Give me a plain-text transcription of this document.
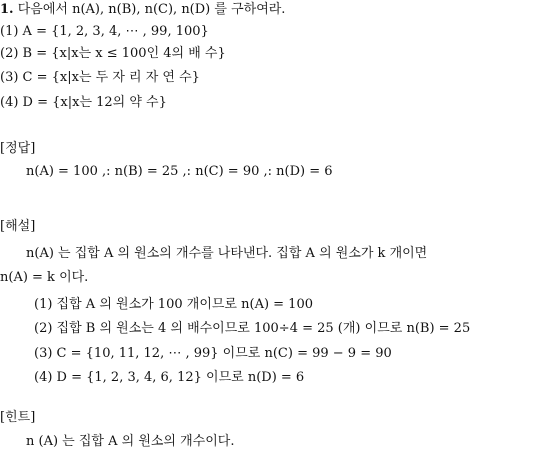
1. 다음에서 n(A), n(B), n(C), n(D) 를 구하여라.
(1) A = {1, 2, 3, 4, ⋯ , 99, 100}
(2) B = {x|x는 x ≤ 100인 4의 배 수}
(3) C = {x|x는 두 자 리 자 연 수}
(4) D = {x|x는 12의 약 수}
[정답]
n(A) = 100 ,: n(B) = 25 ,: n(C) = 90 ,: n(D) = 6
[해설]
n(A) 는 집합 A 의 원소의 개수를 나타낸다. 집합 A 의 원소가 k 개이면
n(A) = k 이다.
(1) 집합 A 의 원소가 100 개이므로 n(A) = 100
(2) 집합 B 의 원소는 4 의 배수이므로 100÷4 = 25 (개) 이므로 n(B) = 25
(3) C = {10, 11, 12, ⋯ , 99} 이므로 n(C) = 99 − 9 = 90
(4) D = {1, 2, 3, 4, 6, 12} 이므로 n(D) = 6
[힌트]
n (A) 는 집합 A 의 원소의 개수이다.
